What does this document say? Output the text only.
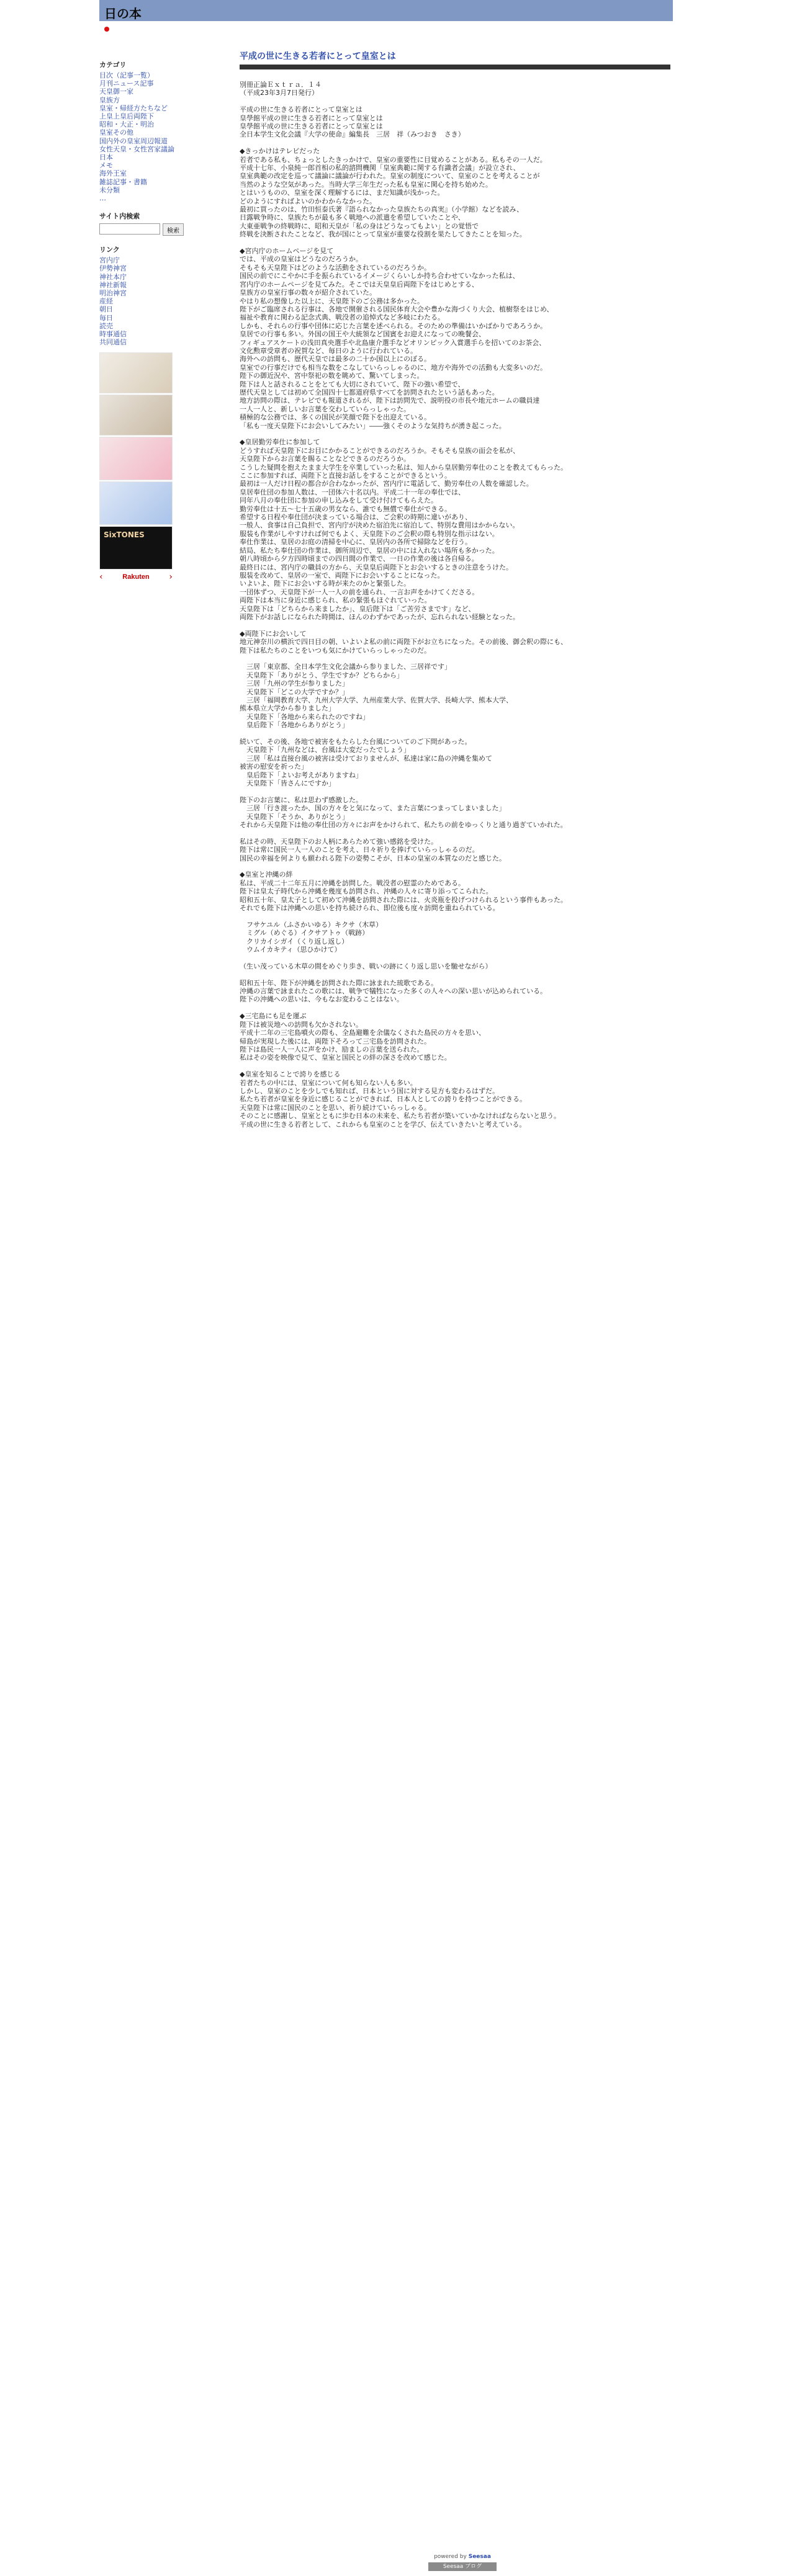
日の本
カテゴリ
目次（記事一覧）
月刊ニュース記事
天皇御一家
皇族方
皇室・帰経方たちなど
上皇上皇后両陛下
昭和・大正・明治
皇室その他
国内外の皇室周辺報道
女性天皇・女性宮家議論
日本
メモ
海外王室
雑誌記事・書籍
未分類
…
サイト内検索
検索
リンク
宮内庁
伊勢神宮
神社本庁
神社新報
明治神宮
産経
朝日
毎日
読売
時事通信
共同通信
SixTONES
‹	Rakuten ›
平成の世に生きる若者にとって皇室とは

別冊正論Ｅｘｔｒａ．１４

（平成23年3月7日発行）

平成の世に生きる若者にとって皇室とは

皇學館平成の世に生きる若者にとって皇室とは

皇學館平成の世に生きる若者にとって皇室とは

全日本学生文化会議『大学の使命』編集長　三居　祥（みつおき　さき）

◆きっかけはテレビだった

若者である私も、ちょっとしたきっかけで、皇室の重要性に目覚めることがある。私もその一人だ。

平成十七年、小泉純一郎首相の私的諮問機関「皇室典範に関する有識者会議」が設立され、

皇室典範の改定を巡って議論に議論が行われた。皇室の制度について、皇室のことを考えることが

当然のような空気があった。当時大学三年生だった私も皇室に関心を持ち始めた。

とはいうものの、皇室を深く理解するには、まだ知識が浅かった。

どのようにすればよいのかわからなかった。

最初に買ったのは、竹田恒泰氏著『語られなかった皇族たちの真実』（小学館）などを読み、

日露戦争時に、皇族たちが最も多く戦地への派遣を希望していたことや、

大東亜戦争の終戦時に、昭和天皇が「私の身はどうなってもよい」との覚悟で

終戦を決断されたことなど、我が国にとって皇室が重要な役割を果たしてきたことを知った。

◆宮内庁のホームページを見て

では、平成の皇室はどうなのだろうか。

そもそも天皇陛下はどのような活動をされているのだろうか。

国民の前でにこやかに手を振られているイメージくらいしか持ち合わせていなかった私は、

宮内庁のホームページを見てみた。そこでは天皇皇后両陛下をはじめとする、

皇族方の皇室行事の数々が紹介されていた。

やはり私の想像した以上に、天皇陛下のご公務は多かった。

陛下がご臨席される行事は、各地で開催される国民体育大会や豊かな海づくり大会、植樹祭をはじめ、

福祉や教育に関わる記念式典、戦没者の追悼式など多岐にわたる。

しかも、それらの行事や団体に応じた言葉を述べられる。そのための準備はいかばかりであろうか。

皇居での行事も多い。外国の国王や大統領など国賓をお迎えになっての晩餐会、

フィギュアスケートの浅田真央選手や北島康介選手などオリンピック入賞選手らを招いてのお茶会、

文化勲章受章者の祝賀など、毎日のように行われている。

海外への訪問も、歴代天皇では最多の二十か国以上にのぼる。

皇室での行事だけでも相当な数をこなしていらっしゃるのに、地方や海外での活動も大変多いのだ。

陛下の御近況や、宮中祭祀の数を眺めて、驚いてしまった。

陛下は人と話されることをとても大切にされていて、陛下の強い希望で、

歴代天皇としては初めて全国四十七都道府県すべてを訪問されたという話もあった。

地方訪問の際は、テレビでも報道されるが、陛下は訪問先で、説明役の市長や地元ホームの職員達

一人一人と、新しいお言葉を交わしていらっしゃった。

積極的な公務では、多くの国民が笑顔で陛下を出迎えている。

「私も一度天皇陛下にお会いしてみたい」――強くそのような気持ちが湧き起こった。

◆皇居勤労奉仕に参加して

どうすれば天皇陛下にお目にかかることができるのだろうか。そもそも皇族の面会を私が、

天皇陛下からお言葉を賜ることなどできるのだろうか。

こうした疑問を抱えたまま大学生を卒業していった私は、知人から皇居勤労奉仕のことを教えてもらった。

ここに参加すれば、両陛下と直接お話しをすることができるという。

最初は一人だけ日程の都合が合わなかったが、宮内庁に電話して、勤労奉仕の人数を確認した。

皇居奉仕団の参加人数は、一団体六十名以内。平成二十一年の奉仕では、

同年八月の奉仕団に参加の申し込みをして受け付けてもらえた。

勤労奉仕は十五〜七十五歳の男女なら、誰でも無償で奉仕ができる。

希望する日程や奉仕団が決まっている場合は、ご会釈の時期に違いがあり、

一般人、食事は自己負担で、宮内庁が決めた宿泊先に宿泊して、特別な費用はかからない。

服装も作業がしやすければ何でもよく、天皇陛下のご会釈の際も特別な指示はない。

奉仕作業は、皇居のお庭の清掃を中心に、皇居内の各所で掃除などを行う。

結局、私たち奉仕団の作業は、御所周辺で、皇居の中には入れない場所も多かった。

朝八時頃から夕方四時頃までの四日間の作業で、一日の作業の後は各自帰る。

最終日には、宮内庁の職員の方から、天皇皇后両陛下とお会いするときの注意をうけた。

服装を改めて、皇居の一室で、両陛下にお会いすることになった。

いよいよ、陛下にお会いする時が来たのかと緊張した。

一団体ずつ、天皇陛下が一人一人の前を通られ、一言お声をかけてくださる。

両陛下は本当に身近に感じられ、私の緊張もほぐれていった。

天皇陛下は「どちらから来ましたか」、皇后陛下は「ご苦労さまです」など、

両陛下がお話しになられた時間は、ほんのわずかであったが、忘れられない経験となった。

◆両陛下にお会いして

地元神奈川の横浜で四日目の朝、いよいよ私の前に両陛下がお立ちになった。その前後、御会釈の際にも、

陛下は私たちのことをいつも気にかけていらっしゃったのだ。

　三居「東京都、全日本学生文化会議から参りました、三居祥です」

　天皇陛下「ありがとう、学生ですか？どちらから」

　三居「九州の学生が参りました」

　天皇陛下「どこの大学ですか？」

　三居「福岡教育大学、九州大学大学、九州産業大学、佐賀大学、長崎大学、熊本大学、

熊本県立大学から参りました」

　天皇陛下「各地から来られたのですね」

　皇后陛下「各地からありがとう」

続いて、その後、各地で被害をもたらした台風についてのご下問があった。

　天皇陛下「九州などは、台風は大変だったでしょう」

　三居「私は直接台風の被害は受けておりませんが、私達は家に島の沖縄を集めて

被害の慰安を祈った」

　皇后陛下「よいお考えがありますね」

　天皇陛下「皆さんにですか」

陛下のお言葉に、私は思わず感激した。

　三居「行き渡ったか、国の方々をと気になって、また言葉につまってしまいました」

　天皇陛下「そうか、ありがとう」

それから天皇陛下は他の奉仕団の方々にお声をかけられて、私たちの前をゆっくりと通り過ぎていかれた。

私はその時、天皇陛下のお人柄にあらためて強い感銘を受けた。

陛下は常に国民一人一人のことを考え、日々祈りを捧げていらっしゃるのだ。

国民の幸福を何よりも願われる陛下の姿勢こそが、日本の皇室の本質なのだと感じた。

◆皇室と沖縄の絆

私は、平成二十二年五月に沖縄を訪問した。戦没者の慰霊のためである。

陛下は皇太子時代から沖縄を幾度も訪問され、沖縄の人々に寄り添ってこられた。

昭和五十年、皇太子として初めて沖縄を訪問された際には、火炎瓶を投げつけられるという事件もあった。

それでも陛下は沖縄への思いを持ち続けられ、即位後も度々訪問を重ねられている。

　フサケユル（ふさかいゆる）キクサ（木草）

　ミグル（めぐる）イクサアトゥ（戦跡）

　クリカイシガイ（くり返し返し）

　ウムイカキティ（思ひかけて）

（生い茂っている木草の間をめぐり歩き、戦いの跡にくり返し思いを馳せながら）

昭和五十年、陛下が沖縄を訪問された際に詠まれた琉歌である。

沖縄の言葉で詠まれたこの歌には、戦争で犠牲になった多くの人々への深い思いが込められている。

陛下の沖縄への思いは、今もなお変わることはない。

◆三宅島にも足を運ぶ

陛下は被災地への訪問も欠かされない。

平成十二年の三宅島噴火の際も、全島避難を余儀なくされた島民の方々を思い、

帰島が実現した後には、両陛下そろって三宅島を訪問された。

陛下は島民一人一人に声をかけ、励ましの言葉を送られた。

私はその姿を映像で見て、皇室と国民との絆の深さを改めて感じた。

◆皇室を知ることで誇りを感じる

若者たちの中には、皇室について何も知らない人も多い。

しかし、皇室のことを少しでも知れば、日本という国に対する見方も変わるはずだ。

私たち若者が皇室を身近に感じることができれば、日本人としての誇りを持つことができる。

天皇陛下は常に国民のことを思い、祈り続けていらっしゃる。

そのことに感謝し、皇室とともに歩む日本の未来を、私たち若者が築いていかなければならないと思う。

平成の世に生きる若者として、これからも皇室のことを学び、伝えていきたいと考えている。

powered by Seesaa
Seesaa ブログ
